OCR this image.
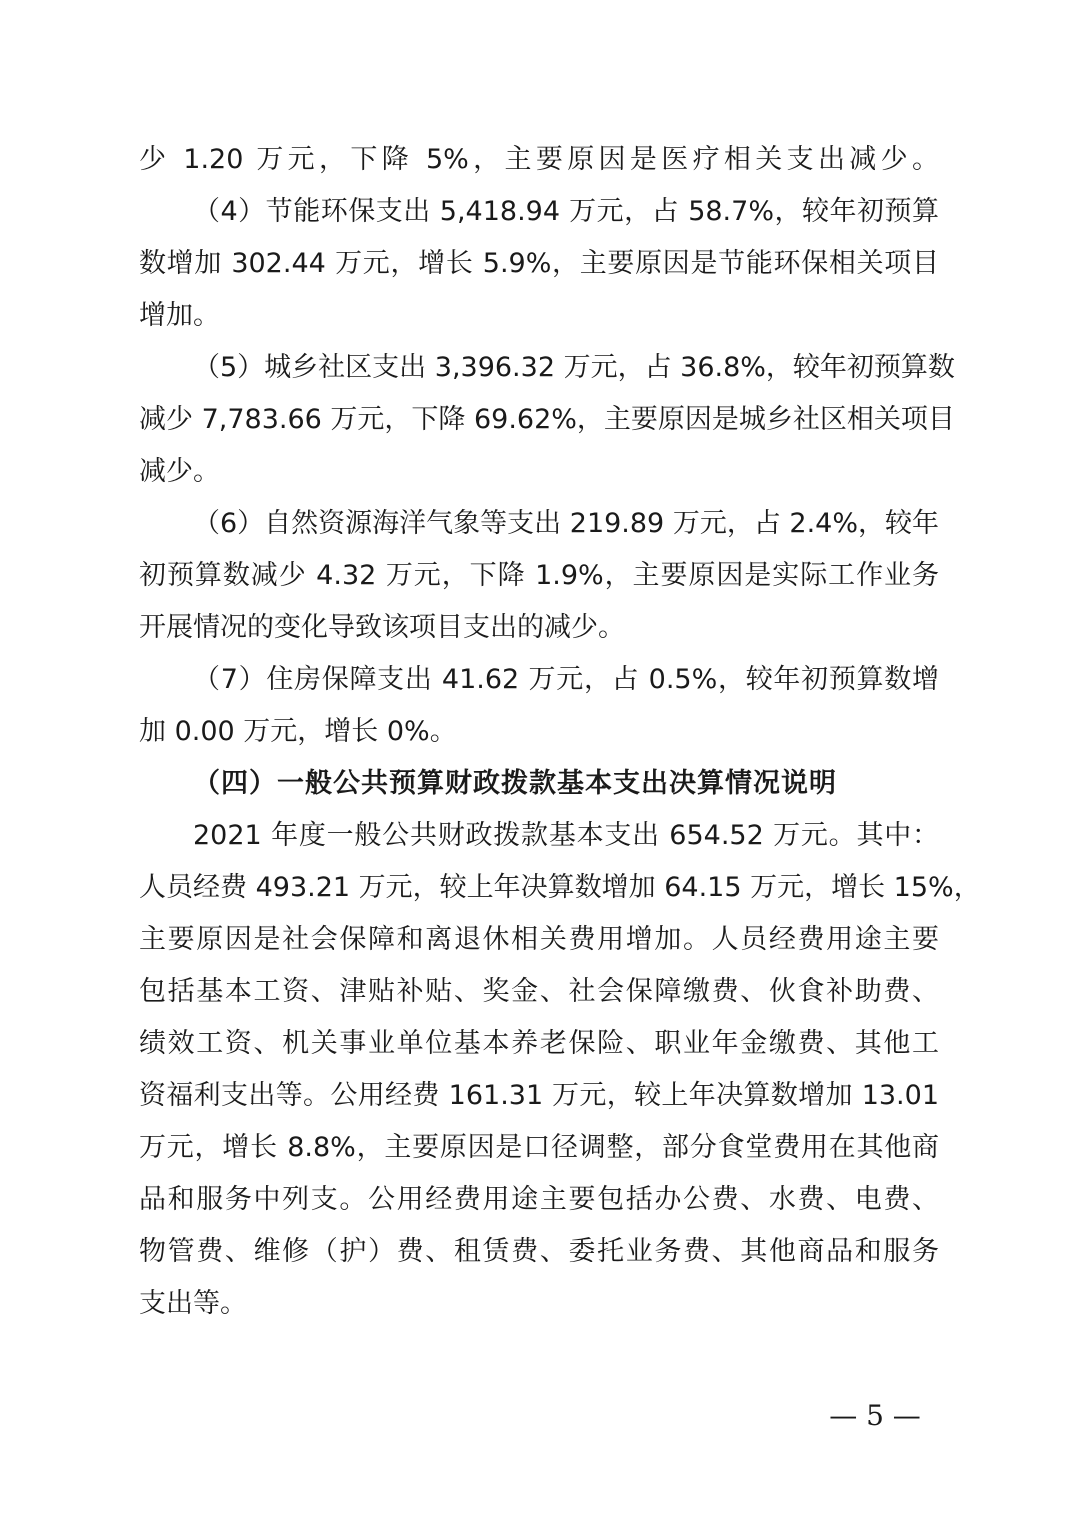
少 1.20 万元，下降 5%，主要原因是医疗相关支出减少。
（4）节能环保支出 5,418.94 万元，占 58.7%，较年初预算
数增加 302.44 万元，增长 5.9%，主要原因是节能环保相关项目
增加。
（5）城乡社区支出 3,396.32 万元，占 36.8%，较年初预算数
减少 7,783.66 万元，下降 69.62%，主要原因是城乡社区相关项目
减少。
（6）自然资源海洋气象等支出 219.89 万元，占 2.4%，较年
初预算数减少 4.32 万元，下降 1.9%，主要原因是实际工作业务
开展情况的变化导致该项目支出的减少。
（7）住房保障支出 41.62 万元，占 0.5%，较年初预算数增
加 0.00 万元，增长 0%。
（四）一般公共预算财政拨款基本支出决算情况说明
2021 年度一般公共财政拨款基本支出 654.52 万元。其中：
人员经费 493.21 万元，较上年决算数增加 64.15 万元，增长 15%，
主要原因是社会保障和离退休相关费用增加。人员经费用途主要
包括基本工资、津贴补贴、奖金、社会保障缴费、伙食补助费、
绩效工资、机关事业单位基本养老保险、职业年金缴费、其他工
资福利支出等。公用经费 161.31 万元，较上年决算数增加 13.01
万元，增长 8.8%，主要原因是口径调整，部分食堂费用在其他商
品和服务中列支。公用经费用途主要包括办公费、水费、电费、
物管费、维修（护）费、租赁费、委托业务费、其他商品和服务
支出等。
— 5 —
